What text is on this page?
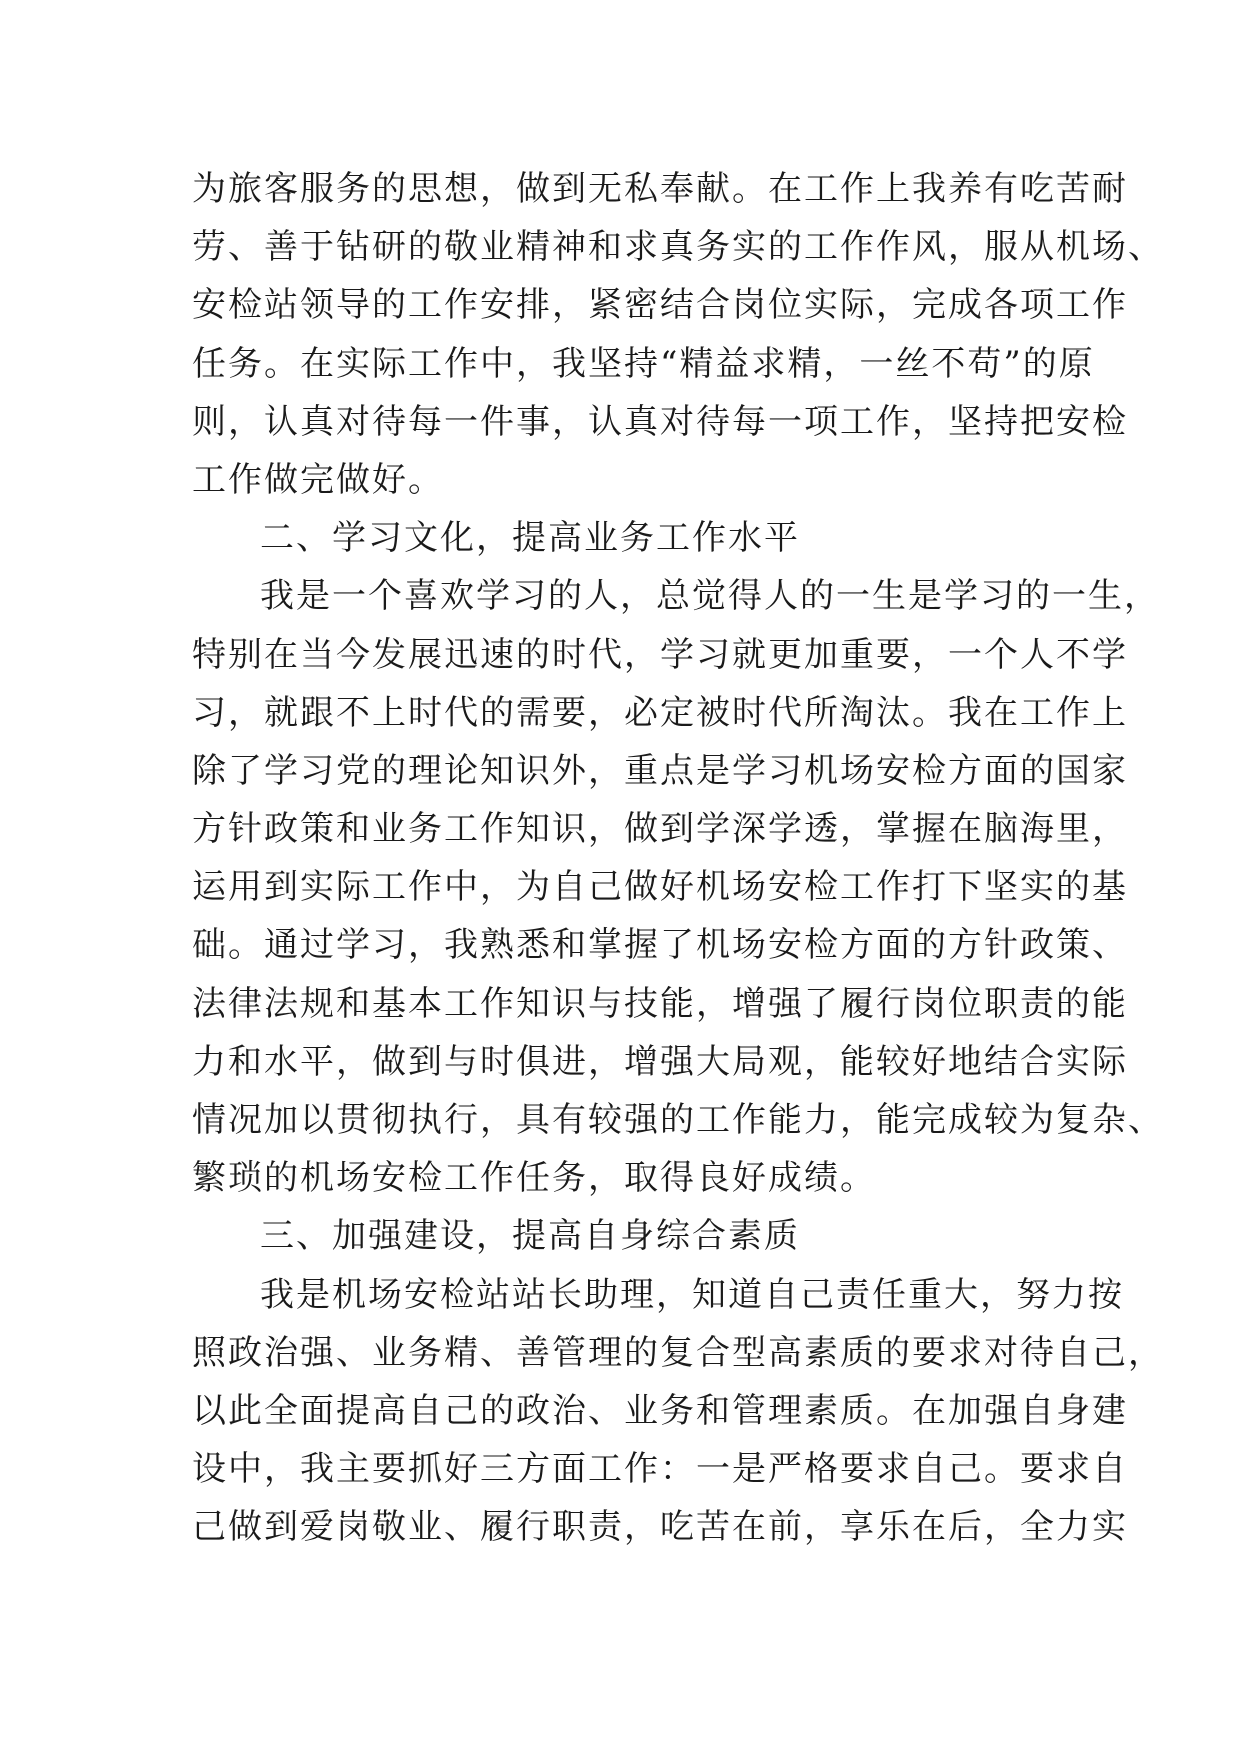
为旅客服务的思想，做到无私奉献。在工作上我养有吃苦耐
劳、善于钻研的敬业精神和求真务实的工作作风，服从机场、
安检站领导的工作安排，紧密结合岗位实际，完成各项工作
任务。在实际工作中，我坚持“精益求精，一丝不苟”的原
则，认真对待每一件事，认真对待每一项工作，坚持把安检
工作做完做好。
二、学习文化，提高业务工作水平
我是一个喜欢学习的人，总觉得人的一生是学习的一生，
特别在当今发展迅速的时代，学习就更加重要，一个人不学
习，就跟不上时代的需要，必定被时代所淘汰。我在工作上
除了学习党的理论知识外，重点是学习机场安检方面的国家
方针政策和业务工作知识，做到学深学透，掌握在脑海里，
运用到实际工作中，为自己做好机场安检工作打下坚实的基
础。通过学习，我熟悉和掌握了机场安检方面的方针政策、
法律法规和基本工作知识与技能，增强了履行岗位职责的能
力和水平，做到与时俱进，增强大局观，能较好地结合实际
情况加以贯彻执行，具有较强的工作能力，能完成较为复杂、
繁琐的机场安检工作任务，取得良好成绩。
三、加强建设，提高自身综合素质
我是机场安检站站长助理，知道自己责任重大，努力按
照政治强、业务精、善管理的复合型高素质的要求对待自己，
以此全面提高自己的政治、业务和管理素质。在加强自身建
设中，我主要抓好三方面工作：一是严格要求自己。要求自
己做到爱岗敬业、履行职责，吃苦在前，享乐在后，全力实
